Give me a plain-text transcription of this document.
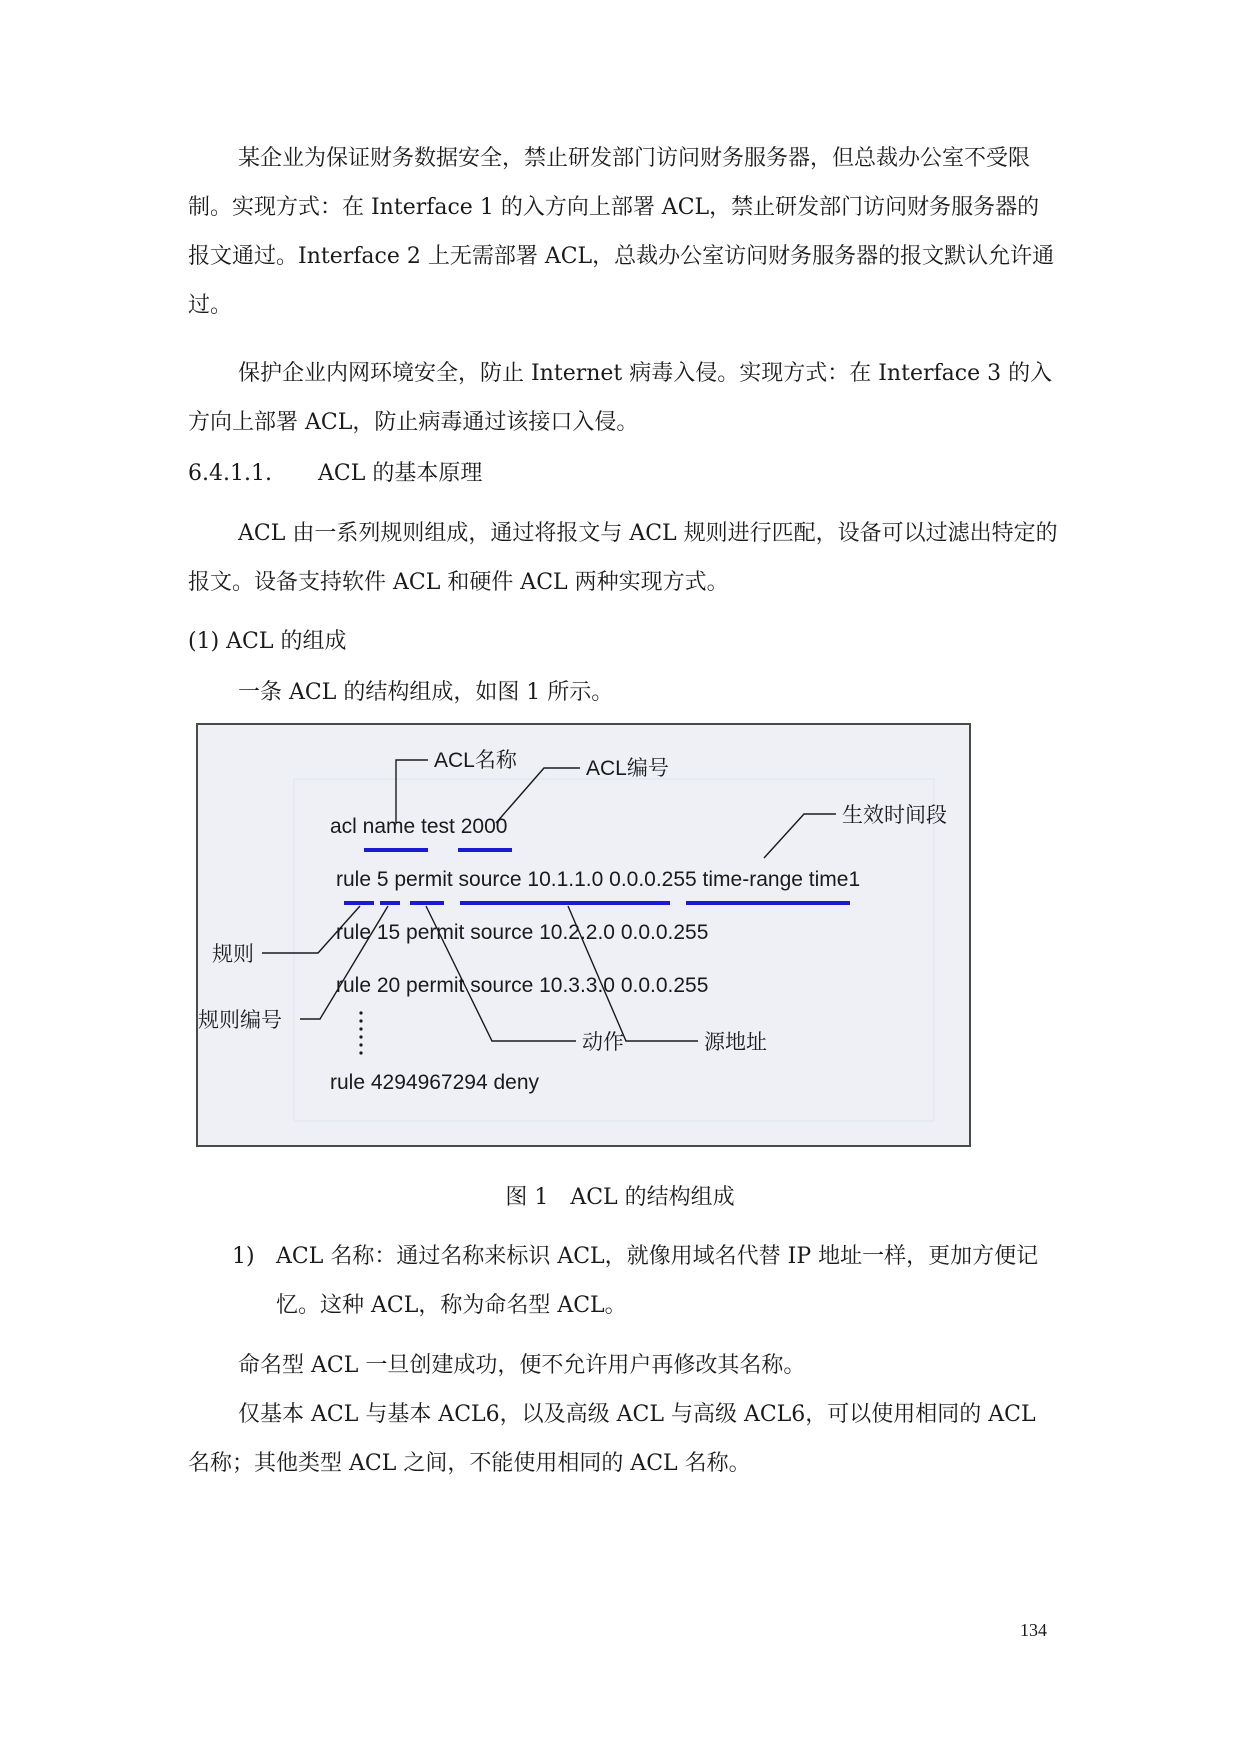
某企业为保证财务数据安全，禁止研发部门访问财务服务器，但总裁办公室不受限制。实现方式：在 Interface 1 的入方向上部署 ACL，禁止研发部门访问财务服务器的报文通过。Interface 2 上无需部署 ACL，总裁办公室访问财务服务器的报文默认允许通过。

保护企业内网环境安全，防止 Internet 病毒入侵。实现方式：在 Interface 3 的入方向上部署 ACL，防止病毒通过该接口入侵。

6.4.1.1. ACL 的基本原理

ACL 由一系列规则组成，通过将报文与 ACL 规则进行匹配，设备可以过滤出特定的报文。设备支持软件 ACL 和硬件 ACL 两种实现方式。

(1) ACL 的组成

一条 ACL 的结构组成，如图 1 所示。

acl name test 2000
rule 5 permit source 10.1.1.0 0.0.0.255 time-range time1
rule 15 permit source 10.2.2.0 0.0.0.255
rule 20 permit source 10.3.3.0 0.0.0.255
rule 4294967294 deny
ACL名称	ACL编号
生效时间段
规则
规则编号
动作	源地址

图 1 ACL 的结构组成

1) ACL 名称：通过名称来标识 ACL，就像用域名代替 IP 地址一样，更加方便记忆。这种 ACL，称为命名型 ACL。

命名型 ACL 一旦创建成功，便不允许用户再修改其名称。

仅基本 ACL 与基本 ACL6，以及高级 ACL 与高级 ACL6，可以使用相同的 ACL 名称；其他类型 ACL 之间，不能使用相同的 ACL 名称。

134
